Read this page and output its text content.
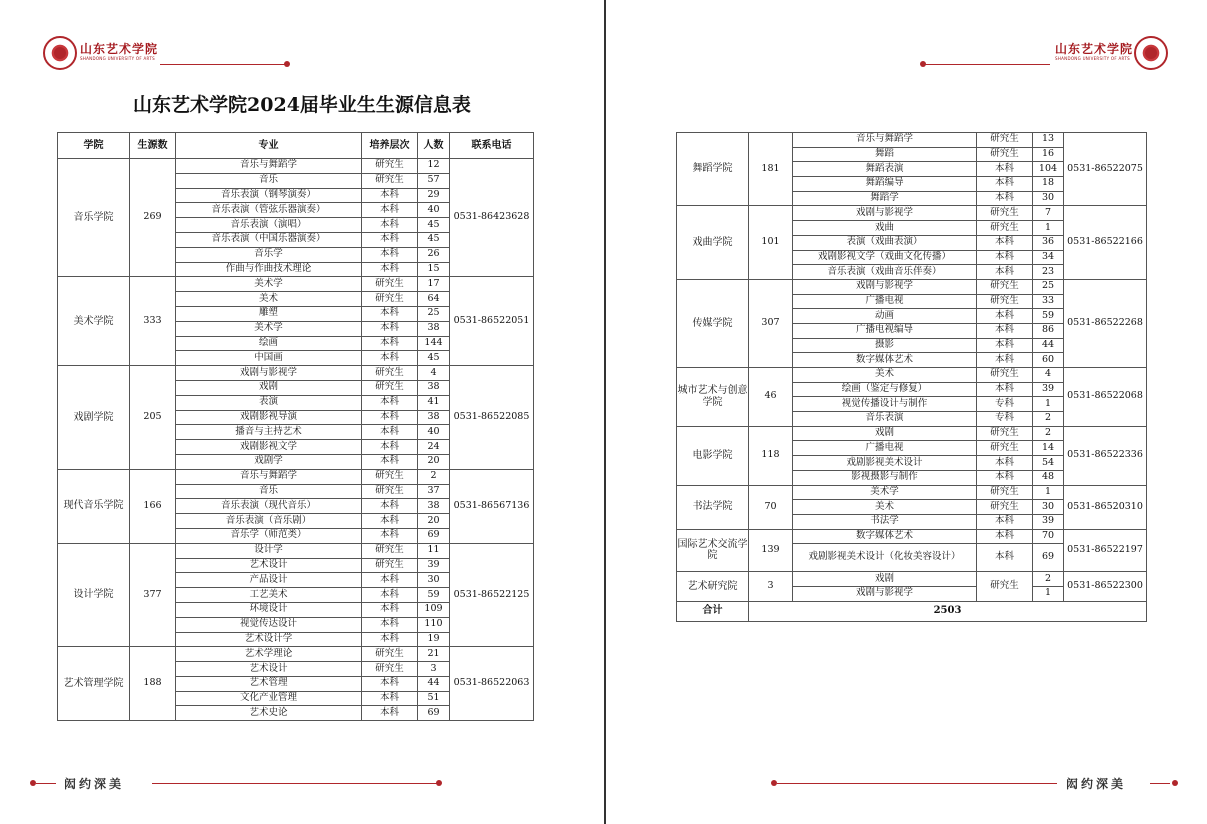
山东艺术学院
SHANDONG UNIVERSITY OF ARTS
山东艺术学院2024届毕业生生源信息表
学院	生源数	专业	培养层次	人数	联系电话
音乐学院	269	音乐与舞蹈学	研究生	12	0531-86423628
		音乐	研究生	57	
		音乐表演（钢琴演奏）	本科	29	
		音乐表演（管弦乐器演奏）	本科	40	
		音乐表演（演唱）	本科	45	
		音乐表演（中国乐器演奏）	本科	45	
		音乐学	本科	26	
		作曲与作曲技术理论	本科	15	
美术学院	333	美术学	研究生	17	0531-86522051
		美术	研究生	64	
		雕塑	本科	25	
		美术学	本科	38	
		绘画	本科	144	
		中国画	本科	45	
戏剧学院	205	戏剧与影视学	研究生	4	0531-86522085
		戏剧	研究生	38	
		表演	本科	41	
		戏剧影视导演	本科	38	
		播音与主持艺术	本科	40	
		戏剧影视文学	本科	24	
		戏剧学	本科	20	
现代音乐学院	166	音乐与舞蹈学	研究生	2	0531-86567136
		音乐	研究生	37	
		音乐表演（现代音乐）	本科	38	
		音乐表演（音乐剧）	本科	20	
		音乐学（师范类）	本科	69	
设计学院	377	设计学	研究生	11	0531-86522125
		艺术设计	研究生	39	
		产品设计	本科	30	
		工艺美术	本科	59	
		环境设计	本科	109	
		视觉传达设计	本科	110	
		艺术设计学	本科	19	
艺术管理学院	188	艺术学理论	研究生	21	0531-86522063
		艺术设计	研究生	3	
		艺术管理	本科	44	
		文化产业管理	本科	51	
		艺术史论	本科	69	
闳约深美
山东艺术学院
SHANDONG UNIVERSITY OF ARTS
舞蹈学院	181	音乐与舞蹈学	研究生	13	0531-86522075
		舞蹈	研究生	16	
		舞蹈表演	本科	104	
		舞蹈编导	本科	18	
		舞蹈学	本科	30	
戏曲学院	101	戏剧与影视学	研究生	7	0531-86522166
		戏曲	研究生	1	
		表演（戏曲表演）	本科	36	
		戏剧影视文学（戏曲文化传播）	本科	34	
		音乐表演（戏曲音乐伴奏）	本科	23	
传媒学院	307	戏剧与影视学	研究生	25	0531-86522268
		广播电视	研究生	33	
		动画	本科	59	
		广播电视编导	本科	86	
		摄影	本科	44	
		数字媒体艺术	本科	60	
城市艺术与创意学院	46	美术	研究生	4	0531-86522068
		绘画（鉴定与修复）	本科	39	
		视觉传播设计与制作	专科	1	
		音乐表演	专科	2	
电影学院	118	戏剧	研究生	2	0531-86522336
		广播电视	研究生	14	
		戏剧影视美术设计	本科	54	
		影视摄影与制作	本科	48	
书法学院	70	美术学	研究生	1	0531-86520310
		美术	研究生	30	
		书法学	本科	39	
国际艺术交流学院	139	数字媒体艺术	本科	70	0531-86522197
		戏剧影视美术设计（化妆美容设计）	本科	69	
艺术研究院	3	戏剧	研究生	2	0531-86522300
		戏剧与影视学		1	
合计	2503				
闳约深美
